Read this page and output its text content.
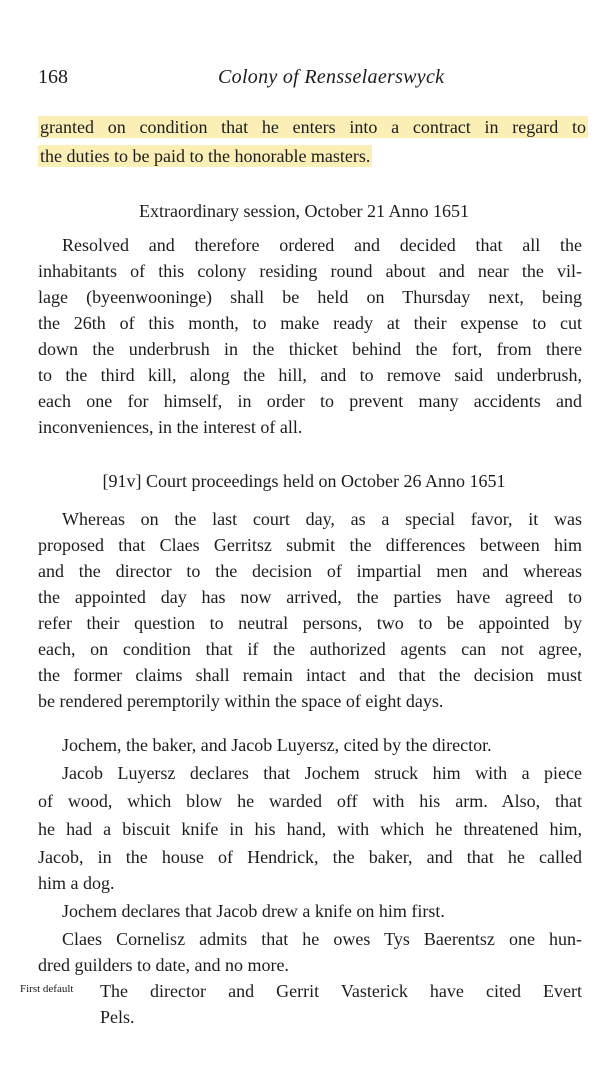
168	Colony of Rensselaerswyck
granted on condition that he enters into a contract in regard to
the duties to be paid to the honorable masters.
Extraordinary session, October 21 Anno 1651
Resolved and therefore ordered and decided that all the
inhabitants of this colony residing round about and near the vil-
lage (byeenwooninge) shall be held on Thursday next, being
the 26th of this month, to make ready at their expense to cut
down the underbrush in the thicket behind the fort, from there
to the third kill, along the hill, and to remove said underbrush,
each one for himself, in order to prevent many accidents and
inconveniences, in the interest of all.
[91v] Court proceedings held on October 26 Anno 1651
Whereas on the last court day, as a special favor, it was
proposed that Claes Gerritsz submit the differences between him
and the director to the decision of impartial men and whereas
the appointed day has now arrived, the parties have agreed to
refer their question to neutral persons, two to be appointed by
each, on condition that if the authorized agents can not agree,
the former claims shall remain intact and that the decision must
be rendered peremptorily within the space of eight days.
Jochem, the baker, and Jacob Luyersz, cited by the director.
Jacob Luyersz declares that Jochem struck him with a piece
of wood, which blow he warded off with his arm. Also, that
he had a biscuit knife in his hand, with which he threatened him,
Jacob, in the house of Hendrick, the baker, and that he called
him a dog.
Jochem declares that Jacob drew a knife on him first.
Claes Cornelisz admits that he owes Tys Baerentsz one hun-
dred guilders to date, and no more.
First default The director and Gerrit Vasterick have cited Evert
Pels.
